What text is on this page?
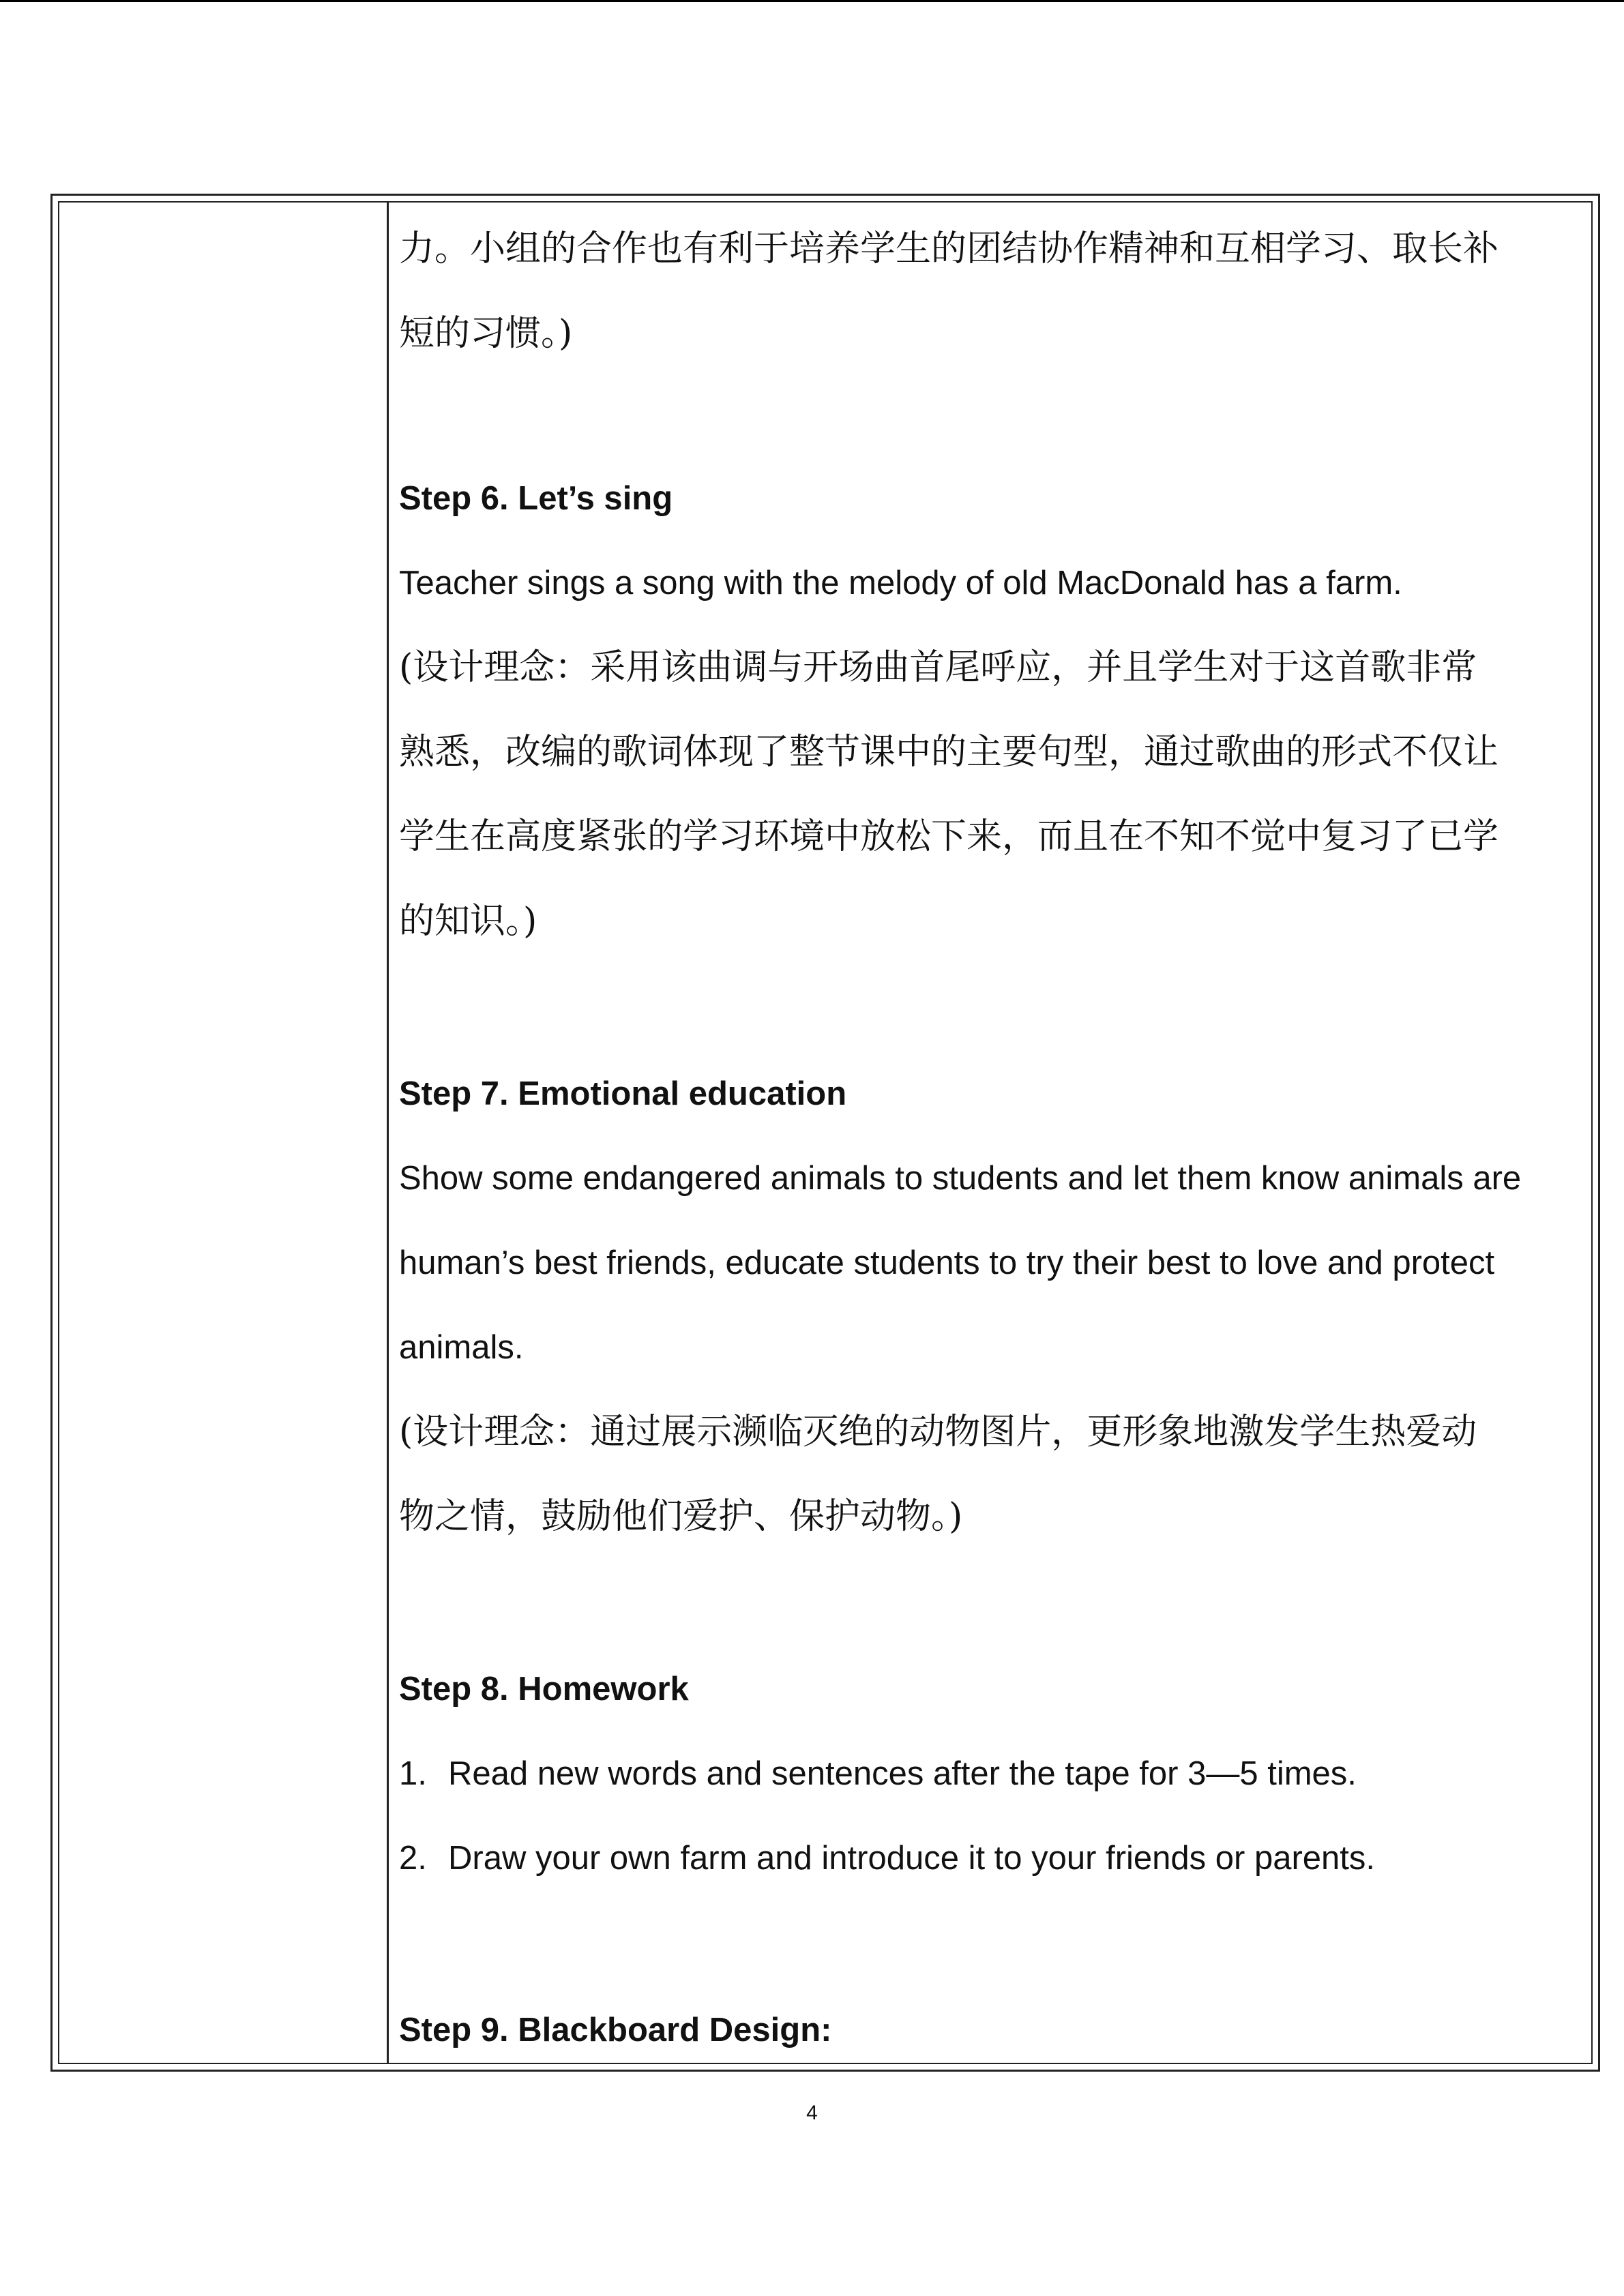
力。小组的合作也有利于培养学生的团结协作精神和互相学习、取长补
短的习惯。)
Step 6. Let’s sing
Teacher sings a song with the melody of old MacDonald has a farm.
(设计理念：采用该曲调与开场曲首尾呼应，并且学生对于这首歌非常
熟悉，改编的歌词体现了整节课中的主要句型，通过歌曲的形式不仅让
学生在高度紧张的学习环境中放松下来，而且在不知不觉中复习了已学
的知识。)
Step 7. Emotional education
Show some endangered animals to students and let them know animals are
human’s best friends, educate students to try their best to love and protect
animals.
(设计理念：通过展示濒临灭绝的动物图片，更形象地激发学生热爱动
物之情，鼓励他们爱护、保护动物。)
Step 8. Homework
1. Read new words and sentences after the tape for 3—5 times.
2. Draw your own farm and introduce it to your friends or parents.
Step 9. Blackboard Design:
4
